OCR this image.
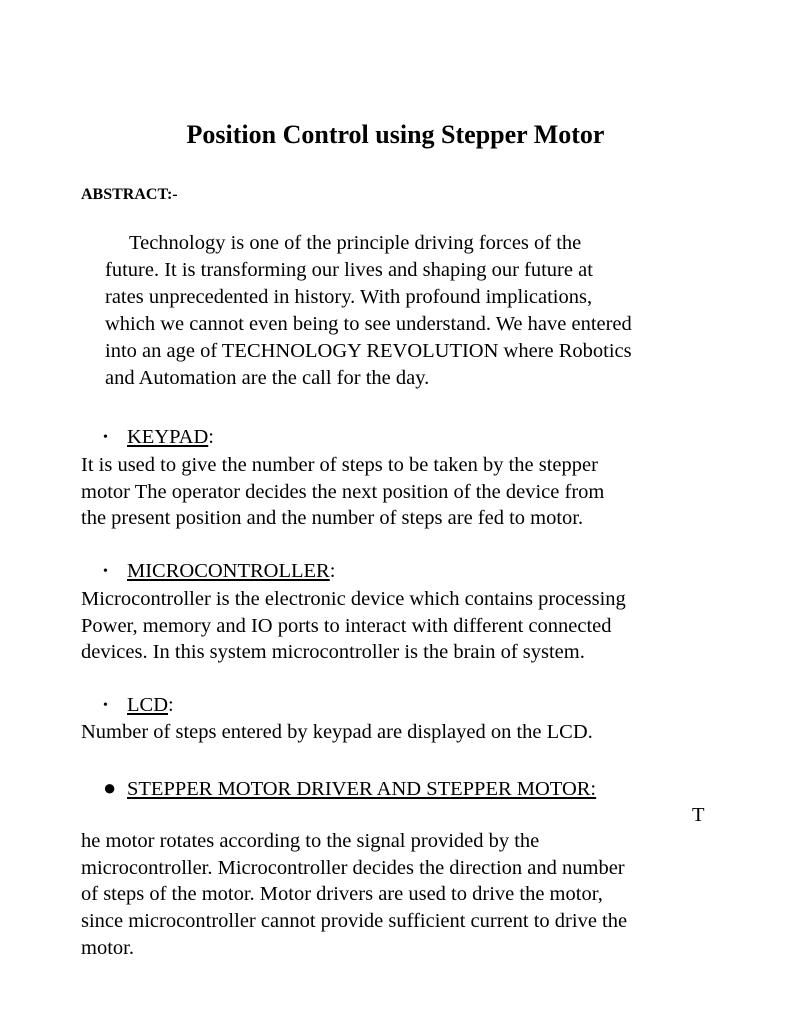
Position Control using Stepper Motor
ABSTRACT:-
Technology is one of the principle driving forces of the
future. It is transforming our lives and shaping our future at
rates unprecedented in history. With profound implications,
which we cannot even being to see understand. We have entered
into an age of TECHNOLOGY REVOLUTION where Robotics
and Automation are the call for the day.
• KEYPAD:
It is used to give the number of steps to be taken by the stepper
motor The operator decides the next position of the device from
the present position and the number of steps are fed to motor.
• MICROCONTROLLER:
Microcontroller is the electronic device which contains processing
Power, memory and IO ports to interact with different connected
devices. In this system microcontroller is the brain of system.
• LCD:
Number of steps entered by keypad are displayed on the LCD.
● STEPPER MOTOR DRIVER AND STEPPER MOTOR:
T
he motor rotates according to the signal provided by the
microcontroller. Microcontroller decides the direction and number
of steps of the motor. Motor drivers are used to drive the motor,
since microcontroller cannot provide sufficient current to drive the
motor.
